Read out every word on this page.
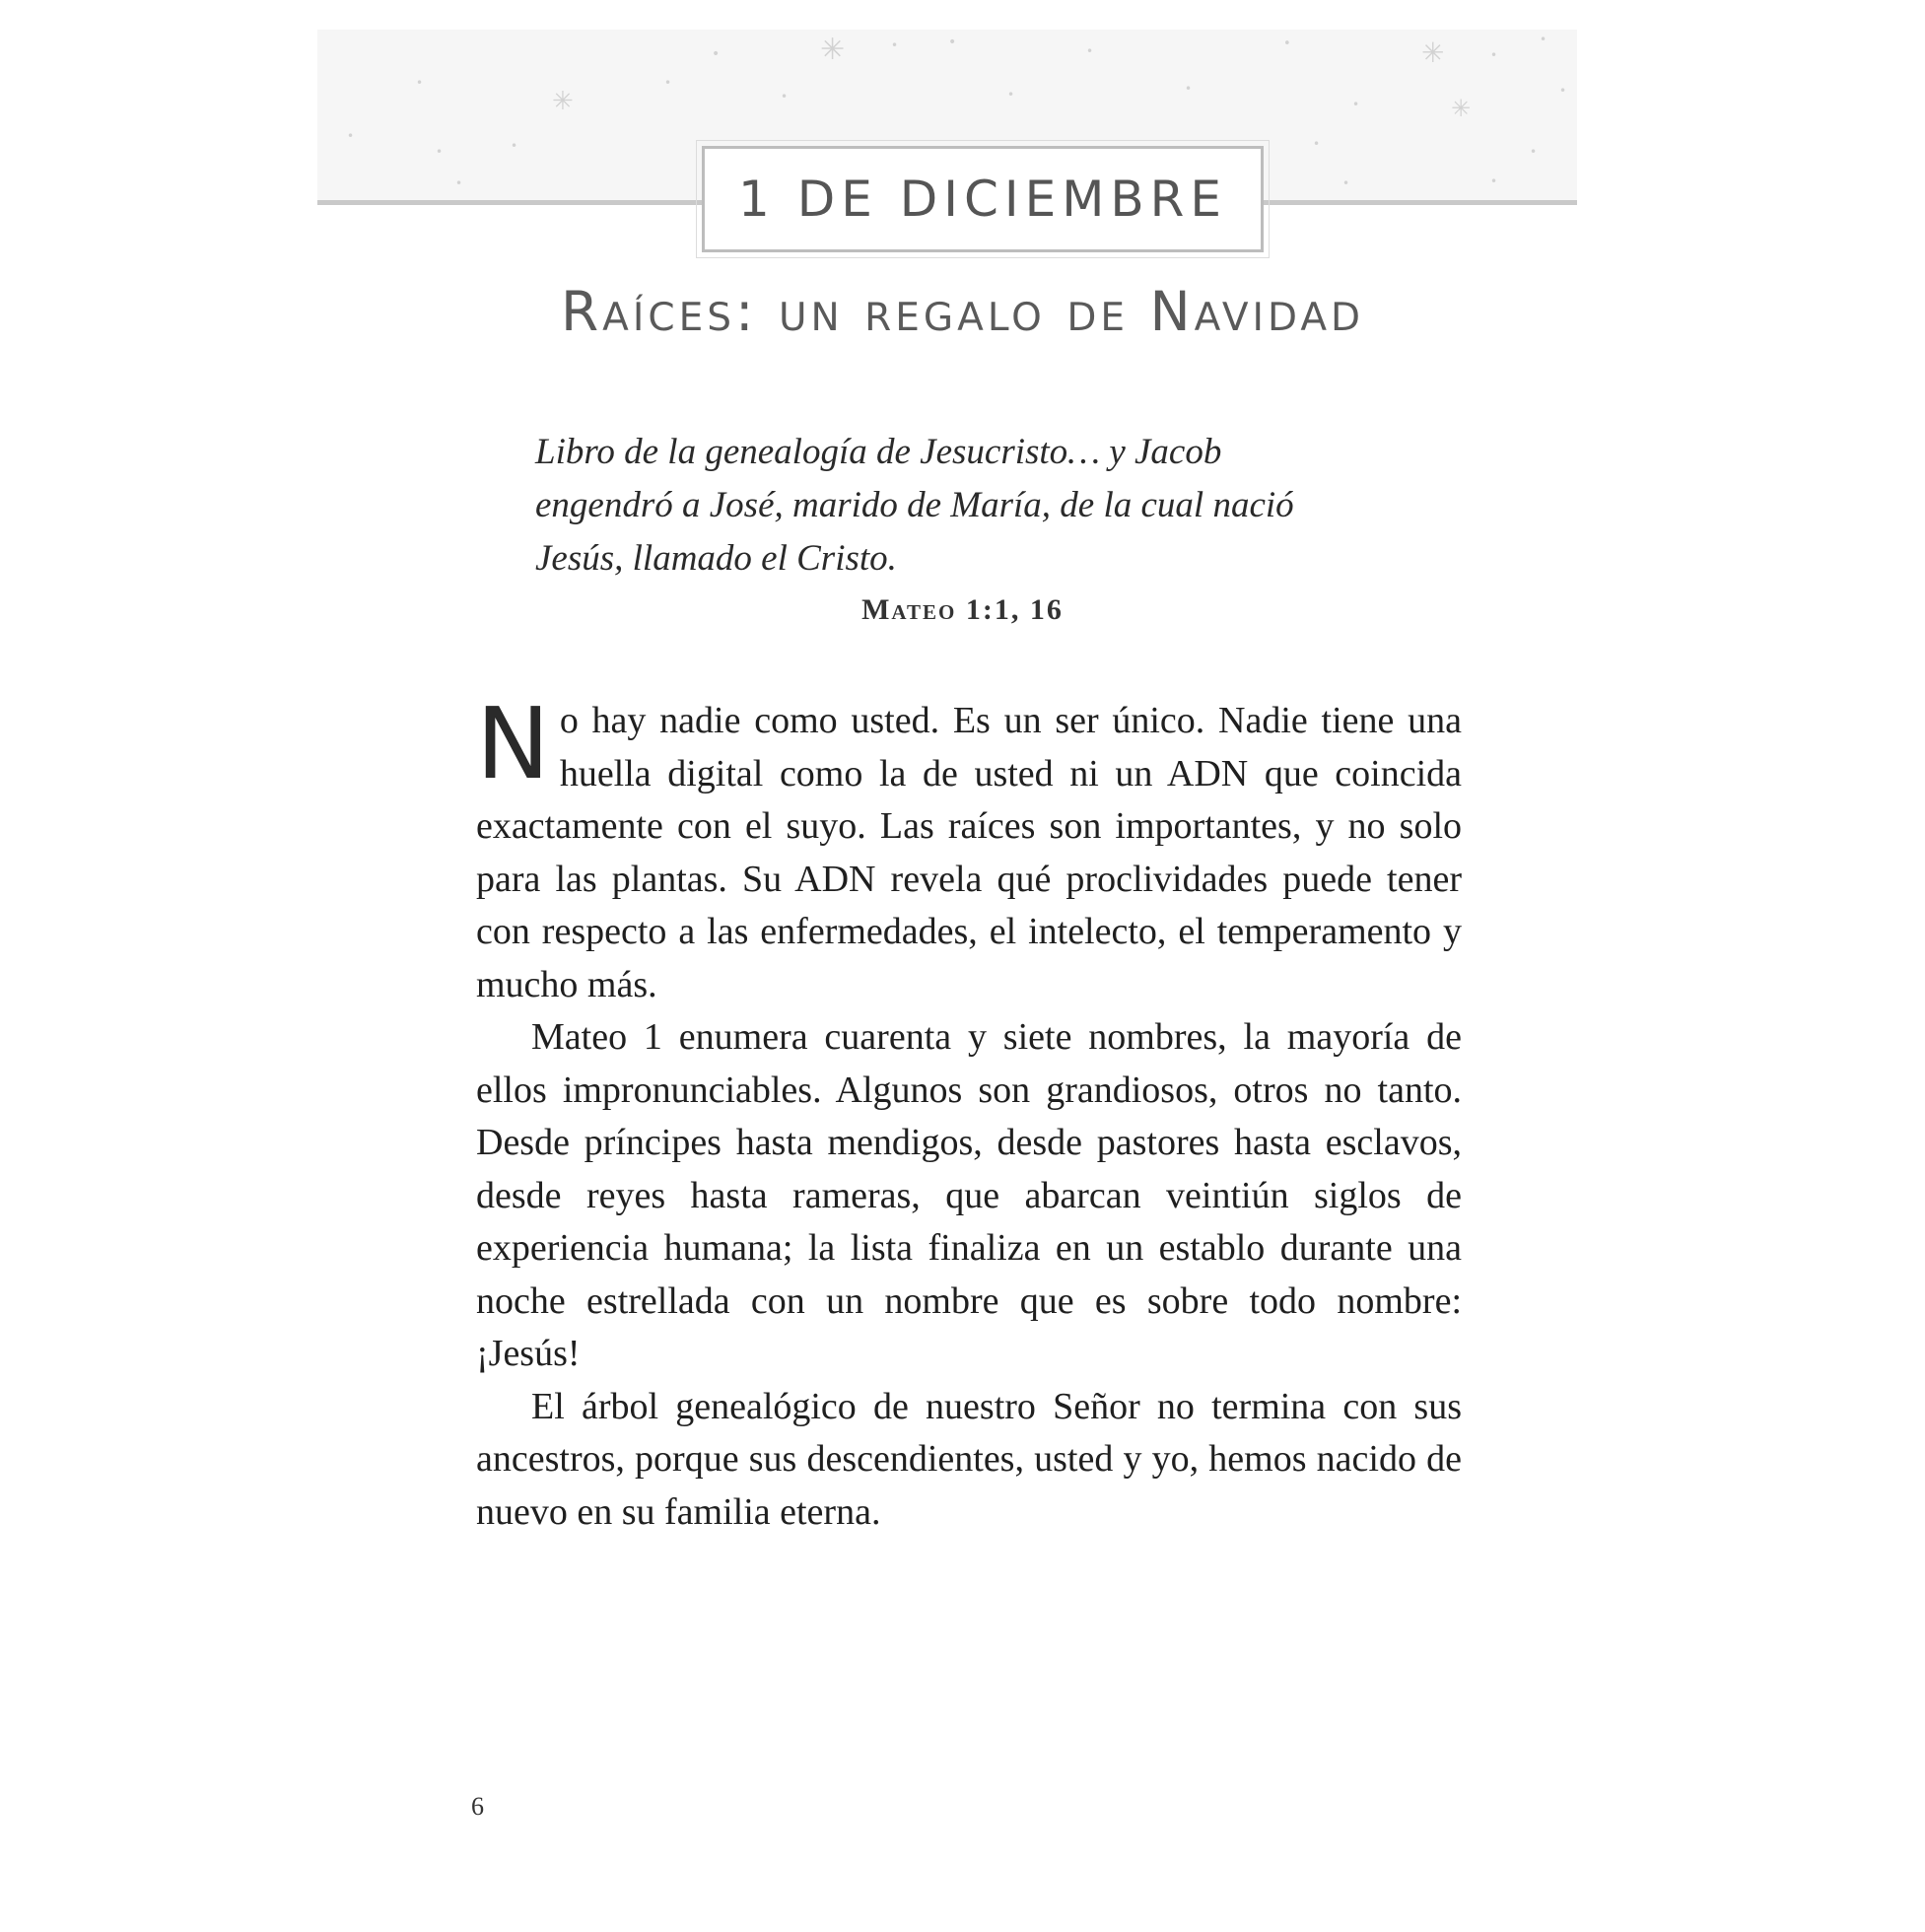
✳
•
•	•
•	•	✳	•
•
•
✳
•
•	•	•
•	✳
•
•
•	•	•
•
•	•	•
1 DE DICIEMBRE
Raíces: un regalo de Navidad
Libro de la genealogía de Jesucristo… y Jacob
engendró a José, marido de María, de la cual nació
Jesús, llamado el Cristo.
Mateo 1:1, 16

No hay nadie como usted. Es un ser único. Nadie tiene una huella digital como la de usted ni un ADN que coincida exactamente con el suyo. Las raíces son importantes, y no solo para las plantas. Su ADN revela qué proclividades puede tener con respecto a las enfermedades, el intelecto, el temperamento y mucho más.

Mateo 1 enumera cuarenta y siete nombres, la mayoría de ellos impronunciables. Algunos son grandiosos, otros no tanto. Desde príncipes hasta mendigos, desde pastores hasta esclavos, desde reyes hasta rameras, que abarcan veintiún siglos de experiencia humana; la lista finaliza en un establo durante una noche estrellada con un nombre que es sobre todo nombre: ¡Jesús!

El árbol genealógico de nuestro Señor no termina con sus ancestros, porque sus descendientes, usted y yo, hemos nacido de nuevo en su familia eterna.

6
